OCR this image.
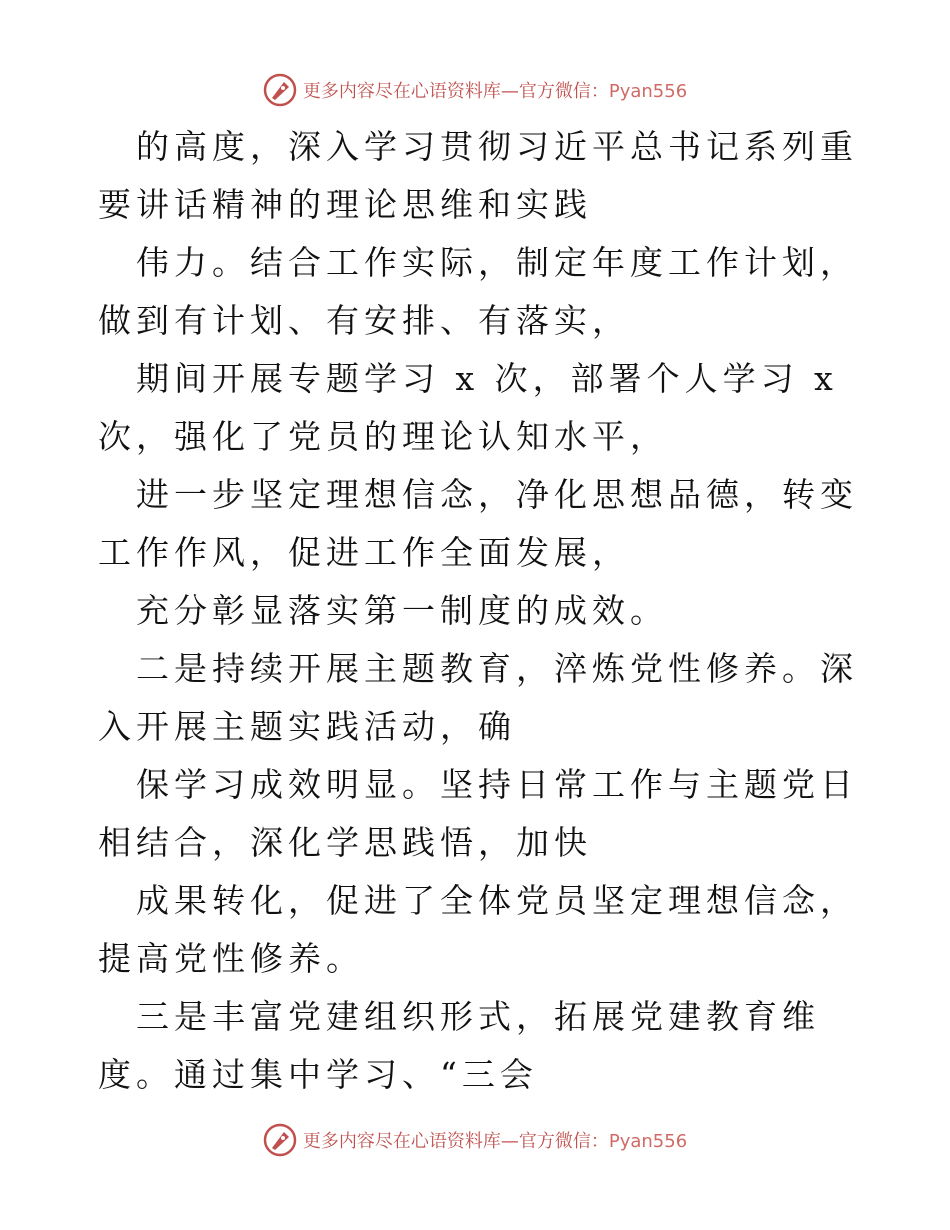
更多内容尽在心语资料库—官方微信：Pyan556

的高度，深入学习贯彻习近平总书记系列重要讲话精神的理论思维和实践

伟力。结合工作实际，制定年度工作计划，做到有计划、有安排、有落实，

期间开展专题学习 x 次，部署个人学习 x 次，强化了党员的理论认知水平，

进一步坚定理想信念，净化思想品德，转变工作作风，促进工作全面发展，

充分彰显落实第一制度的成效。

二是持续开展主题教育，淬炼党性修养。深入开展主题实践活动，确

保学习成效明显。坚持日常工作与主题党日相结合，深化学思践悟，加快

成果转化，促进了全体党员坚定理想信念，提高党性修养。

三是丰富党建组织形式，拓展党建教育维度。通过集中学习、“三会

更多内容尽在心语资料库—官方微信：Pyan556
